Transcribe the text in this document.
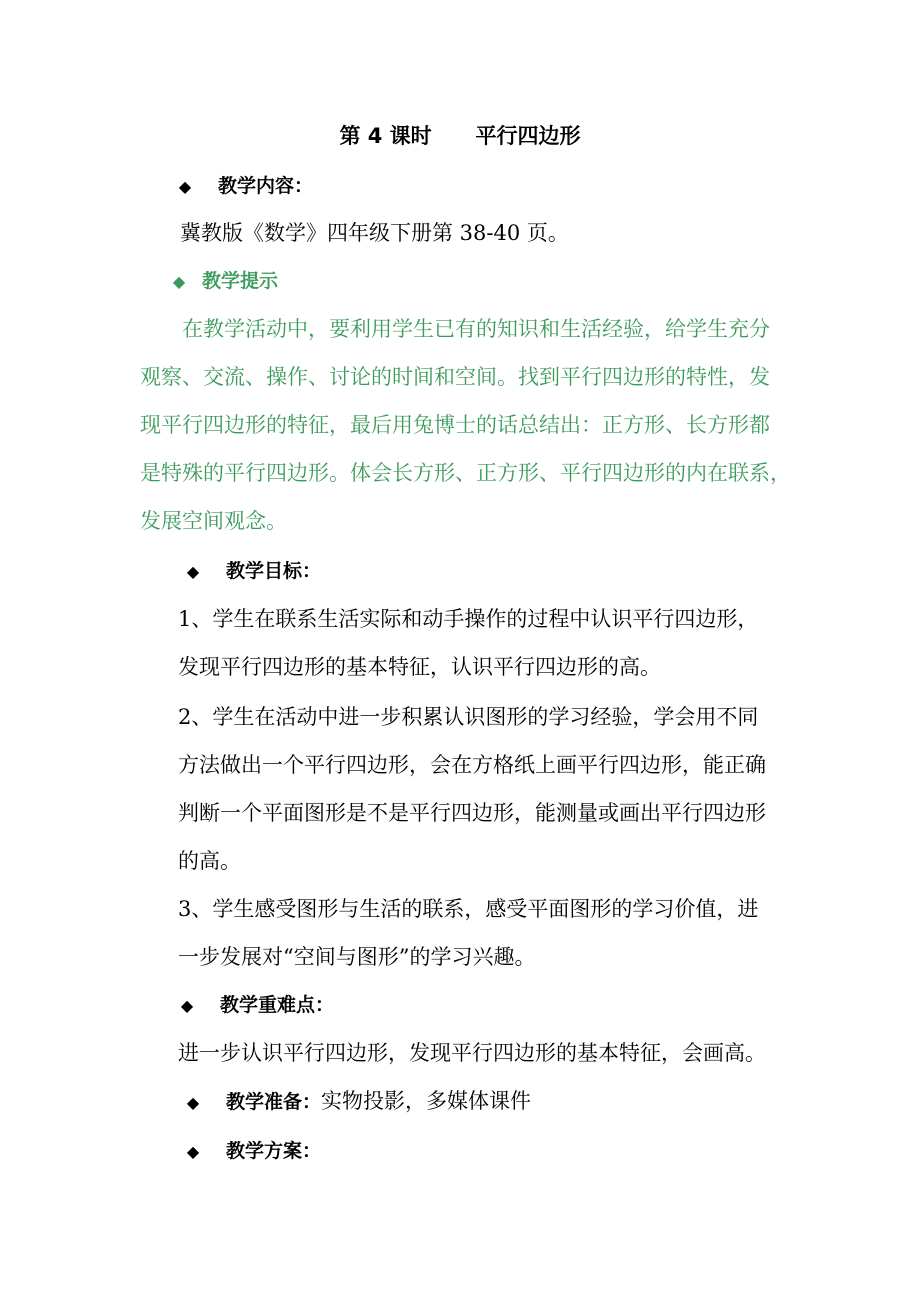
第 4 课时      平行四边形
◆ 教学内容：
冀教版《数学》四年级下册第 38-40 页。
◆ 教学提示
在教学活动中，要利用学生已有的知识和生活经验，给学生充分
观察、交流、操作、讨论的时间和空间。找到平行四边形的特性，发
现平行四边形的特征，最后用兔博士的话总结出：正方形、长方形都
是特殊的平行四边形。体会长方形、正方形、平行四边形的内在联系，
发展空间观念。
◆ 教学目标：
1、学生在联系生活实际和动手操作的过程中认识平行四边形，
发现平行四边形的基本特征，认识平行四边形的高。
2、学生在活动中进一步积累认识图形的学习经验，学会用不同
方法做出一个平行四边形，会在方格纸上画平行四边形，能正确
判断一个平面图形是不是平行四边形，能测量或画出平行四边形
的高。
3、学生感受图形与生活的联系，感受平面图形的学习价值，进
一步发展对“空间与图形”的学习兴趣。
◆ 教学重难点：
进一步认识平行四边形，发现平行四边形的基本特征，会画高。
◆ 教学准备：实物投影，多媒体课件
◆ 教学方案：
